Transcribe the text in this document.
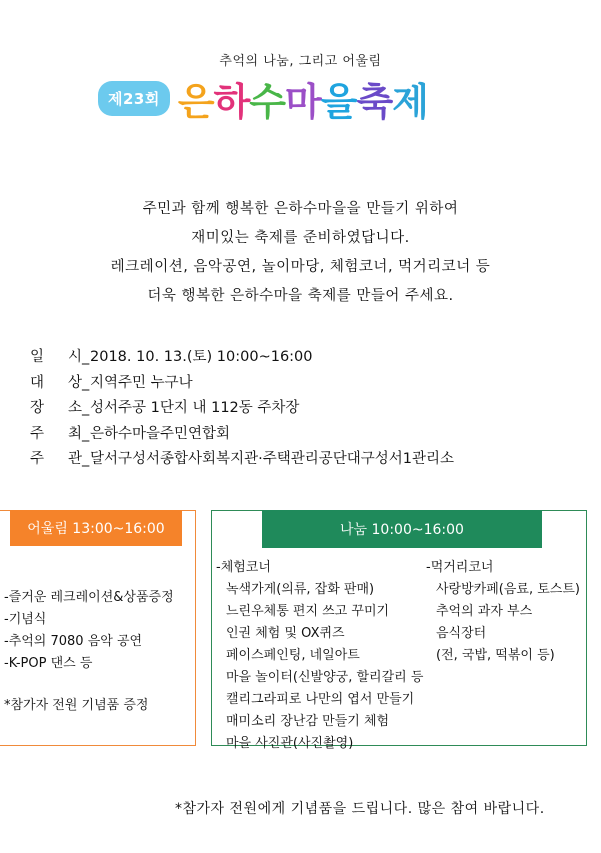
추억의 나눔, 그리고 어울림
제23회 은 하 수 마 을 축 제

주민과 함께 행복한 은하수마을을 만들기 위하여

재미있는 축제를 준비하였답니다.

레크레이션, 음악공연, 놀이마당, 체험코너, 먹거리코너 등

더욱 행복한 은하수마을 축제를 만들어 주세요.

일 시_ 2018. 10. 13.(토) 10:00~16:00
대 상_ 지역주민 누구나
장 소_ 성서주공 1단지 내 112동 주차장
주 최_ 은하수마을주민연합회
주 관_ 달서구성서종합사회복지관·주택관리공단대구성서1관리소
어울림 13:00~16:00

-즐거운 레크레이션&상품증정

-기념식

-추억의 7080 음악 공연

-K-POP 댄스 등

*참가자 전원 기념품 증정

나눔 10:00~16:00

-체험코너

녹색가게(의류, 잡화 판매)

느린우체통 편지 쓰고 꾸미기

인권 체험 및 OX퀴즈

페이스페인팅, 네일아트

마을 놀이터(신발양궁, 할리갈리 등

캘리그라피로 나만의 엽서 만들기

매미소리 장난감 만들기 체험

마을 사진관(사진촬영)

-먹거리코너

사랑방카페(음료, 토스트)

추억의 과자 부스

음식장터

(전, 국밥, 떡볶이 등)

*참가자 전원에게 기념품을 드립니다. 많은 참여 바랍니다.
